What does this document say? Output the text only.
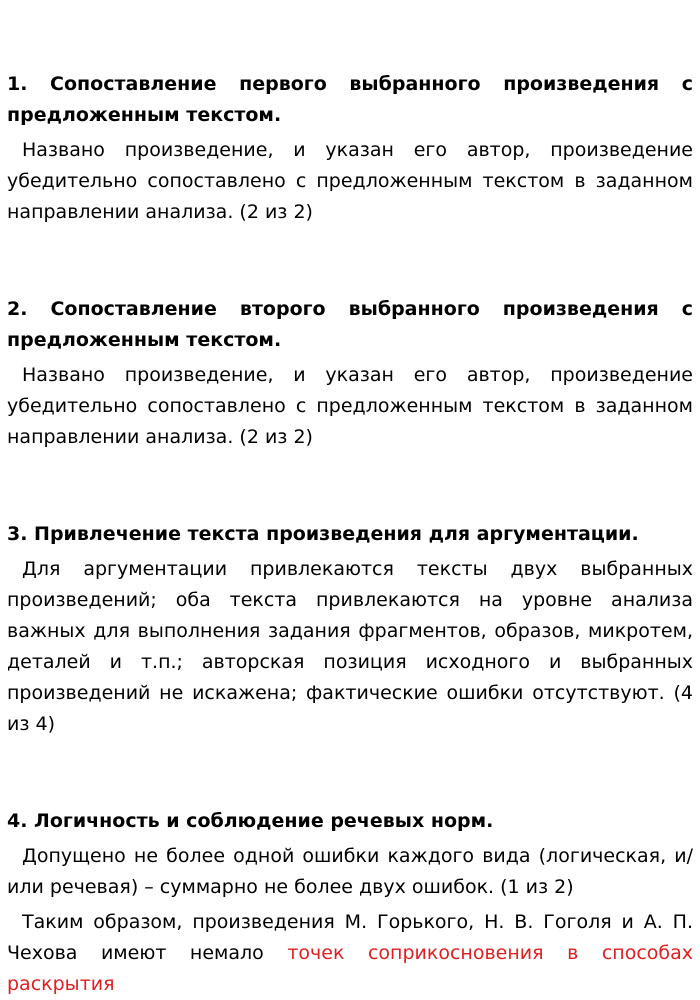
1. Сопоставление первого выбранного произведения с предложенным текстом.

Названо произведение, и указан его автор, произведение убедительно сопоставлено с предложенным текстом в заданном направлении анализа. (2 из 2)

2. Сопоставление второго выбранного произведения с предложенным текстом.

Названо произведение, и указан его автор, произведение убедительно сопоставлено с предложенным текстом в заданном направлении анализа. (2 из 2)

3. Привлечение текста произведения для аргументации.

Для аргументации привлекаются тексты двух выбранных произведений; оба текста привлекаются на уровне анализа важных для выполнения задания фрагментов, образов, микротем, деталей и т.п.; авторская позиция исходного и выбранных произведений не искажена; фактические ошибки отсутствуют. (4 из 4)

4. Логичность и соблюдение речевых норм.

Допущено не более одной ошибки каждого вида (логическая, и/или речевая) – суммарно не более двух ошибок. (1 из 2)

Таким образом, произведения М. Горького, Н. В. Гоголя и А. П. Чехова имеют немало точек соприкосновения в способах раскрытия
